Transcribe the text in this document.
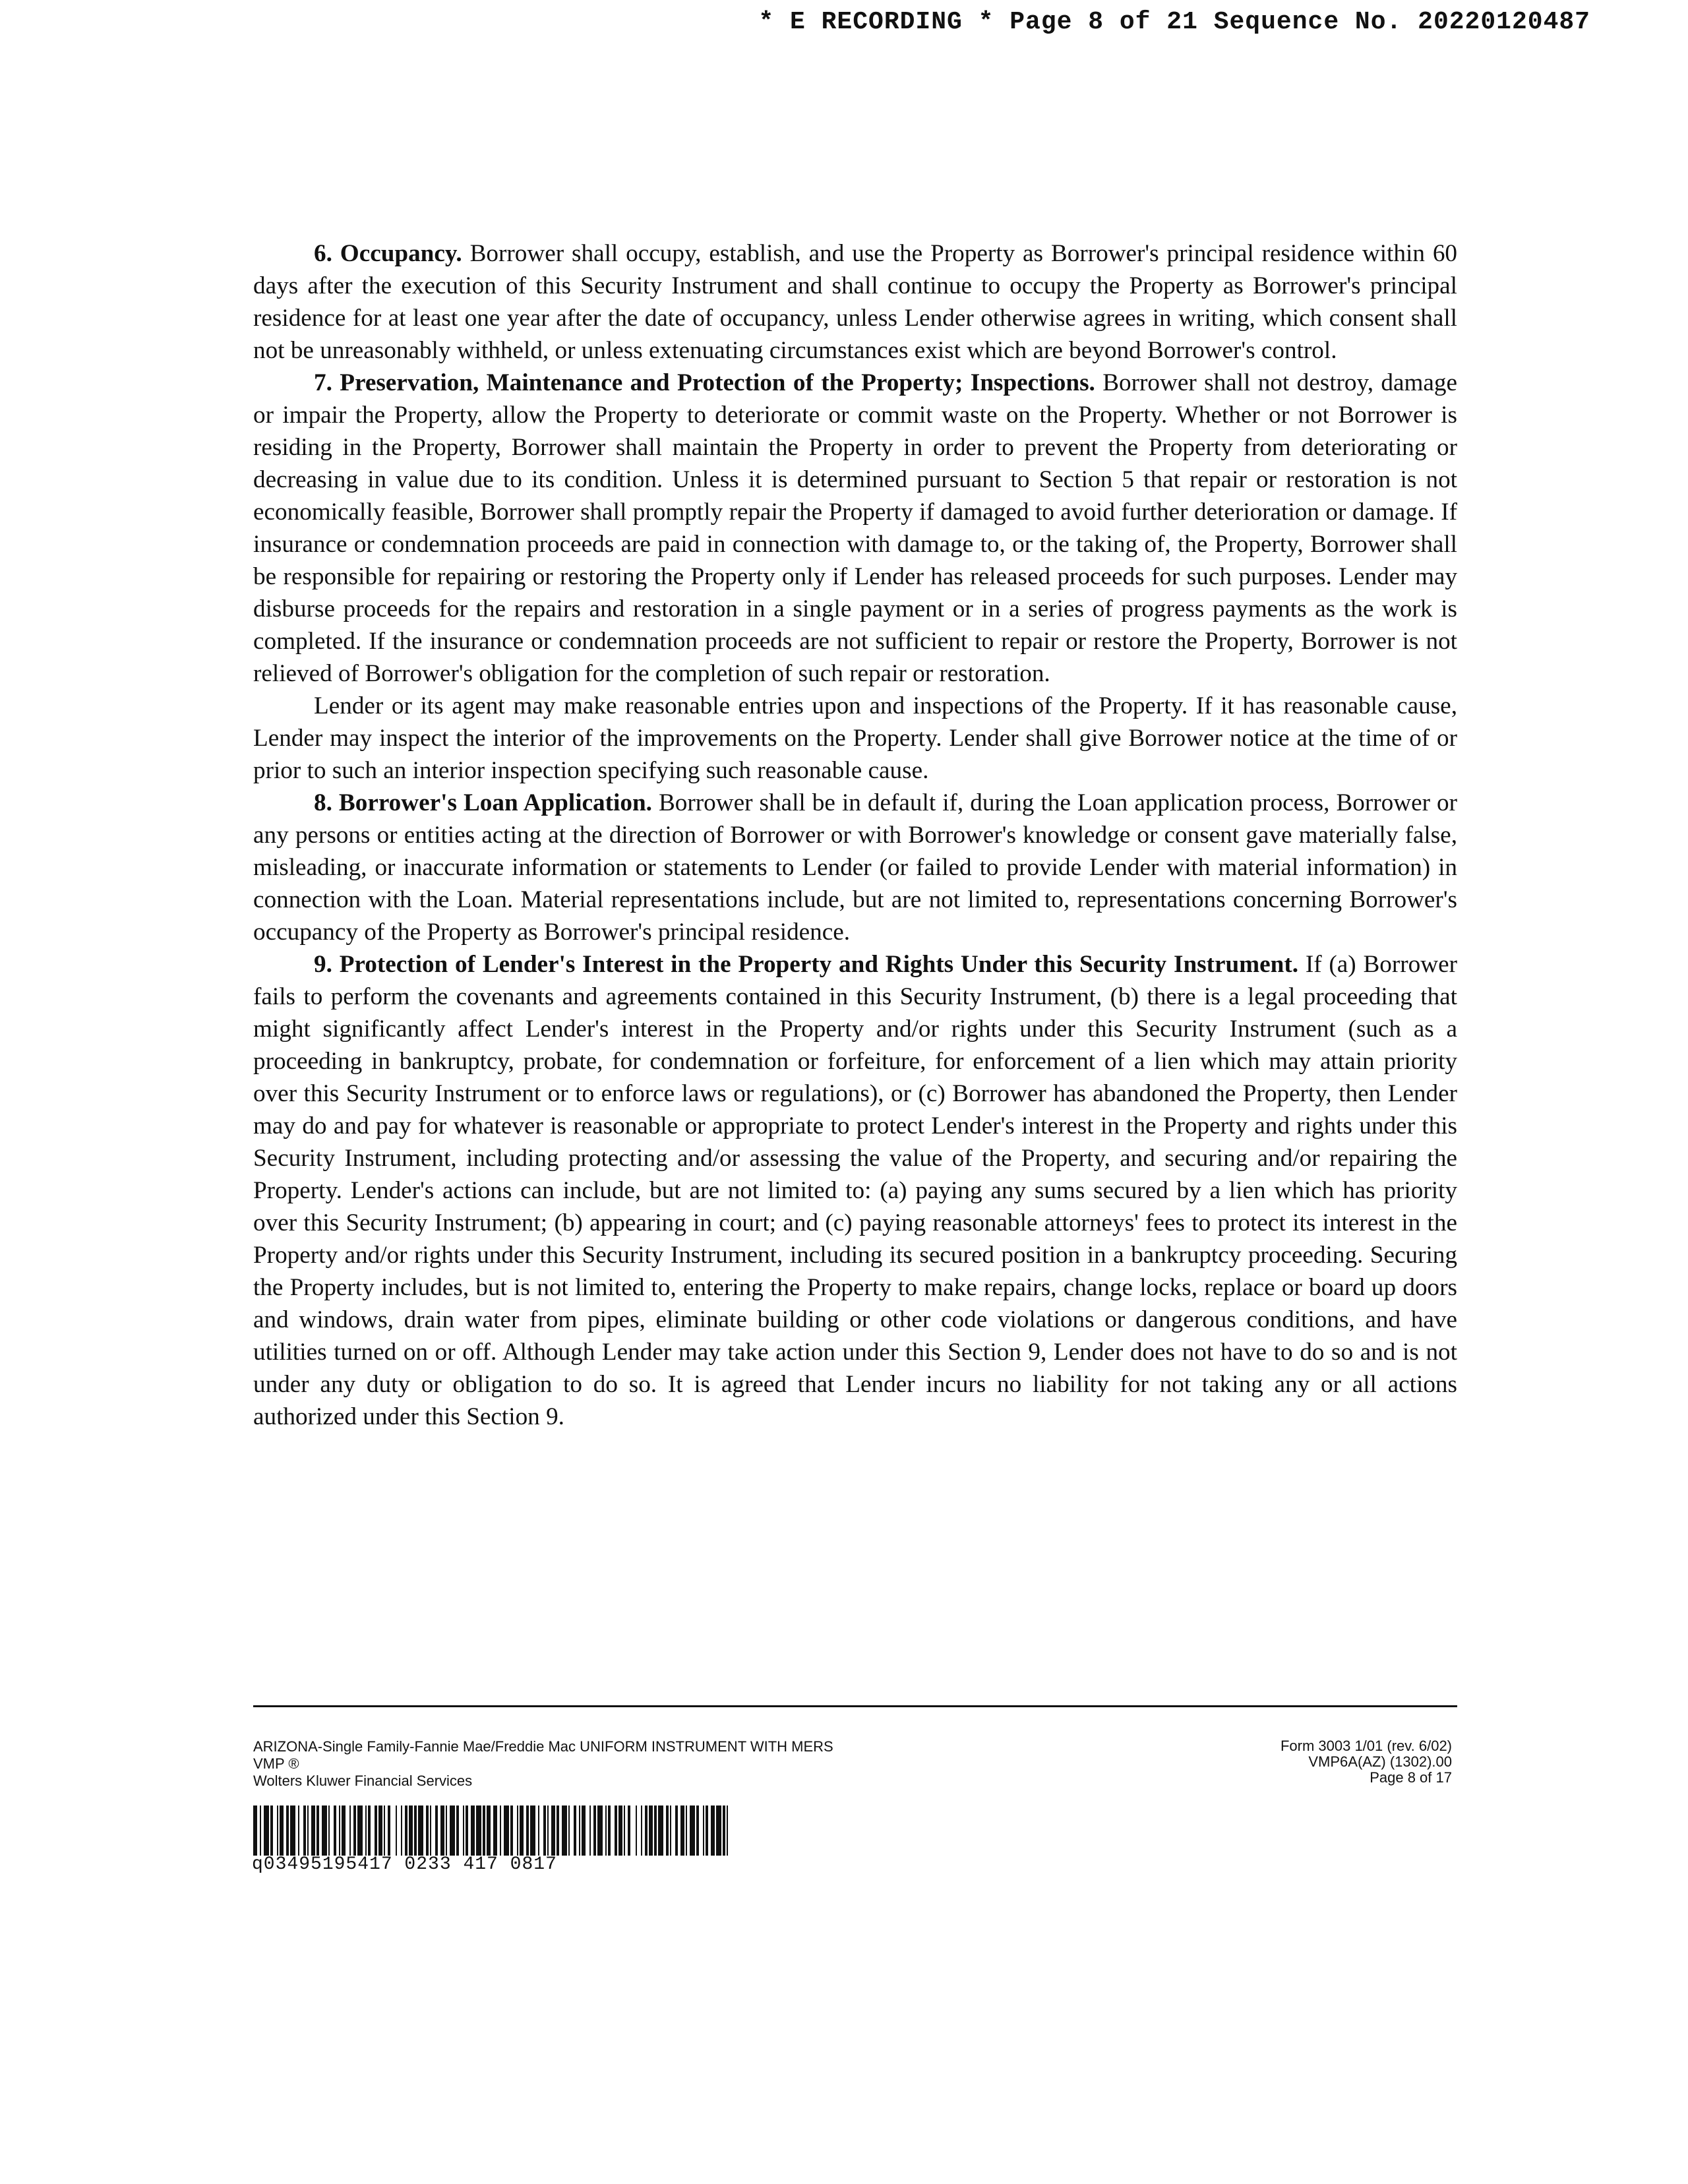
* E RECORDING * Page 8 of 21 Sequence No. 20220120487

6. Occupancy. Borrower shall occupy, establish, and use the Property as Borrower's principal residence within 60 days after the execution of this Security Instrument and shall continue to occupy the Property as Borrower's principal residence for at least one year after the date of occupancy, unless Lender otherwise agrees in writing, which consent shall not be unreasonably withheld, or unless extenuating circumstances exist which are beyond Borrower's control.

7. Preservation, Maintenance and Protection of the Property; Inspections. Borrower shall not destroy, damage or impair the Property, allow the Property to deteriorate or commit waste on the Property. Whether or not Borrower is residing in the Property, Borrower shall maintain the Property in order to prevent the Property from deteriorating or decreasing in value due to its condition. Unless it is determined pursuant to Section 5 that repair or restoration is not economically feasible, Borrower shall promptly repair the Property if damaged to avoid further deterioration or damage. If insurance or condemnation proceeds are paid in connection with damage to, or the taking of, the Property, Borrower shall be responsible for repairing or restoring the Property only if Lender has released proceeds for such purposes. Lender may disburse proceeds for the repairs and restoration in a single payment or in a series of progress payments as the work is completed. If the insurance or condemnation proceeds are not sufficient to repair or restore the Property, Borrower is not relieved of Borrower's obligation for the completion of such repair or restoration.

Lender or its agent may make reasonable entries upon and inspections of the Property. If it has reasonable cause, Lender may inspect the interior of the improvements on the Property. Lender shall give Borrower notice at the time of or prior to such an interior inspection specifying such reasonable cause.

8. Borrower's Loan Application. Borrower shall be in default if, during the Loan application process, Borrower or any persons or entities acting at the direction of Borrower or with Borrower's knowledge or consent gave materially false, misleading, or inaccurate information or statements to Lender (or failed to provide Lender with material information) in connection with the Loan. Material representations include, but are not limited to, representations concerning Borrower's occupancy of the Property as Borrower's principal residence.

9. Protection of Lender's Interest in the Property and Rights Under this Security Instrument. If (a) Borrower fails to perform the covenants and agreements contained in this Security Instrument, (b) there is a legal proceeding that might significantly affect Lender's interest in the Property and/or rights under this Security Instrument (such as a proceeding in bankruptcy, probate, for condemnation or forfeiture, for enforcement of a lien which may attain priority over this Security Instrument or to enforce laws or regulations), or (c) Borrower has abandoned the Property, then Lender may do and pay for whatever is reasonable or appropriate to protect Lender's interest in the Property and rights under this Security Instrument, including protecting and/or assessing the value of the Property, and securing and/or repairing the Property. Lender's actions can include, but are not limited to: (a) paying any sums secured by a lien which has priority over this Security Instrument; (b) appearing in court; and (c) paying reasonable attorneys' fees to protect its interest in the Property and/or rights under this Security Instrument, including its secured position in a bankruptcy proceeding. Securing the Property includes, but is not limited to, entering the Property to make repairs, change locks, replace or board up doors and windows, drain water from pipes, eliminate building or other code violations or dangerous conditions, and have utilities turned on or off. Although Lender may take action under this Section 9, Lender does not have to do so and is not under any duty or obligation to do so. It is agreed that Lender incurs no liability for not taking any or all actions authorized under this Section 9.

ARIZONA-Single Family-Fannie Mae/Freddie Mac UNIFORM INSTRUMENT WITH MERS
VMP ®
Wolters Kluwer Financial Services
Form 3003 1/01 (rev. 6/02)
VMP6A(AZ) (1302).00
Page 8 of 17
q03495195417 0233 417 0817
